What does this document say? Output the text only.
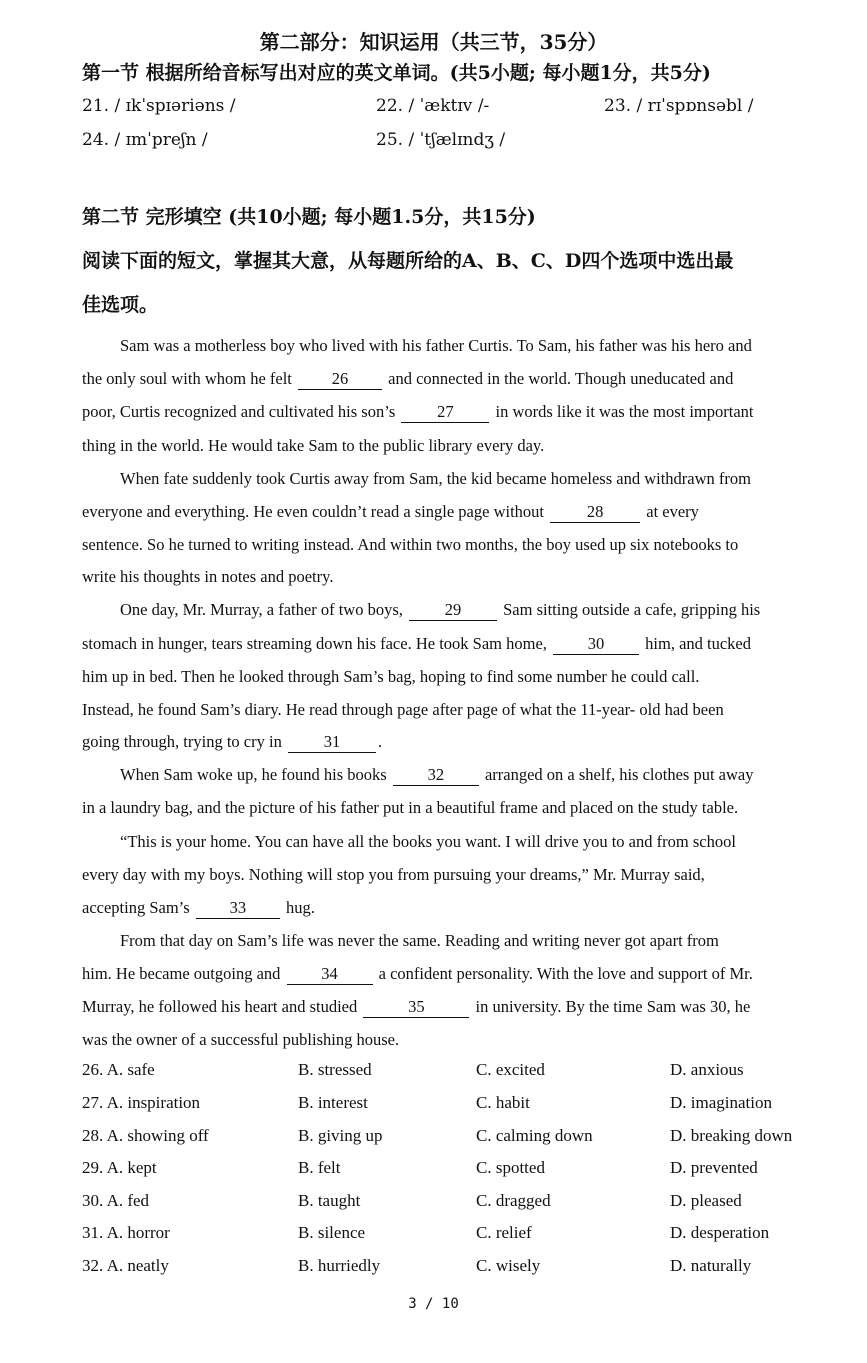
第二部分：知识运用（共三节，35分）
第一节 根据所给音标写出对应的英文单词。(共5小题; 每小题1分，共5分)
21. / ɪkˈspɪəriəns /	22. / ˈæktɪv /-	23. / rɪˈspɒnsəbl /
24. / ɪmˈpreʃn /	25. / ˈtʃælɪndʒ /
第二节 完形填空 (共10小题; 每小题1.5分，共15分)
阅读下面的短文，掌握其大意，从每题所给的A、B、C、D四个选项中选出最
佳选项。
Sam was a motherless boy who lived with his father Curtis. To Sam, his father was his hero and
the only soul with whom he felt 26 and connected in the world. Though uneducated and
poor, Curtis recognized and cultivated his son’s	27	in words like it was the most important
thing in the world. He would take Sam to the public library every day.
When fate suddenly took Curtis away from Sam, the kid became homeless and withdrawn from
everyone and everything. He even couldn’t read a single page without	28	at every
sentence. So he turned to writing instead. And within two months, the boy used up six notebooks to
write his thoughts in notes and poetry.
One day, Mr. Murray, a father of two boys,	29	Sam sitting outside a cafe, gripping his
stomach in hunger, tears streaming down his face. He took Sam home, 30 him, and tucked
him up in bed. Then he looked through Sam’s bag, hoping to find some number he could call.
Instead, he found Sam’s diary. He read through page after page of what the 11-year- old had been
going through, trying to cry in	31 .
When Sam woke up, he found his books 32 arranged on a shelf, his clothes put away
in a laundry bag, and the picture of his father put in a beautiful frame and placed on the study table.
“This is your home. You can have all the books you want. I will drive you to and from school
every day with my boys. Nothing will stop you from pursuing your dreams,” Mr. Murray said,
accepting Sam’s 33 hug.
From that day on Sam’s life was never the same. Reading and writing never got apart from
him. He became outgoing and 34 a confident personality. With the love and support of Mr.
Murray, he followed his heart and studied	35	in university. By the time Sam was 30, he
was the owner of a successful publishing house.
26. A. safe	B. stressed	C. excited	D. anxious
27. A. inspiration	B. interest	C. habit	D. imagination
28. A. showing off	B. giving up	C. calming down	D. breaking down
29. A. kept	B. felt	C. spotted	D. prevented
30. A. fed	B. taught	C. dragged	D. pleased
31. A. horror	B. silence	C. relief	D. desperation
32. A. neatly	B. hurriedly	C. wisely	D. naturally
3 / 10
